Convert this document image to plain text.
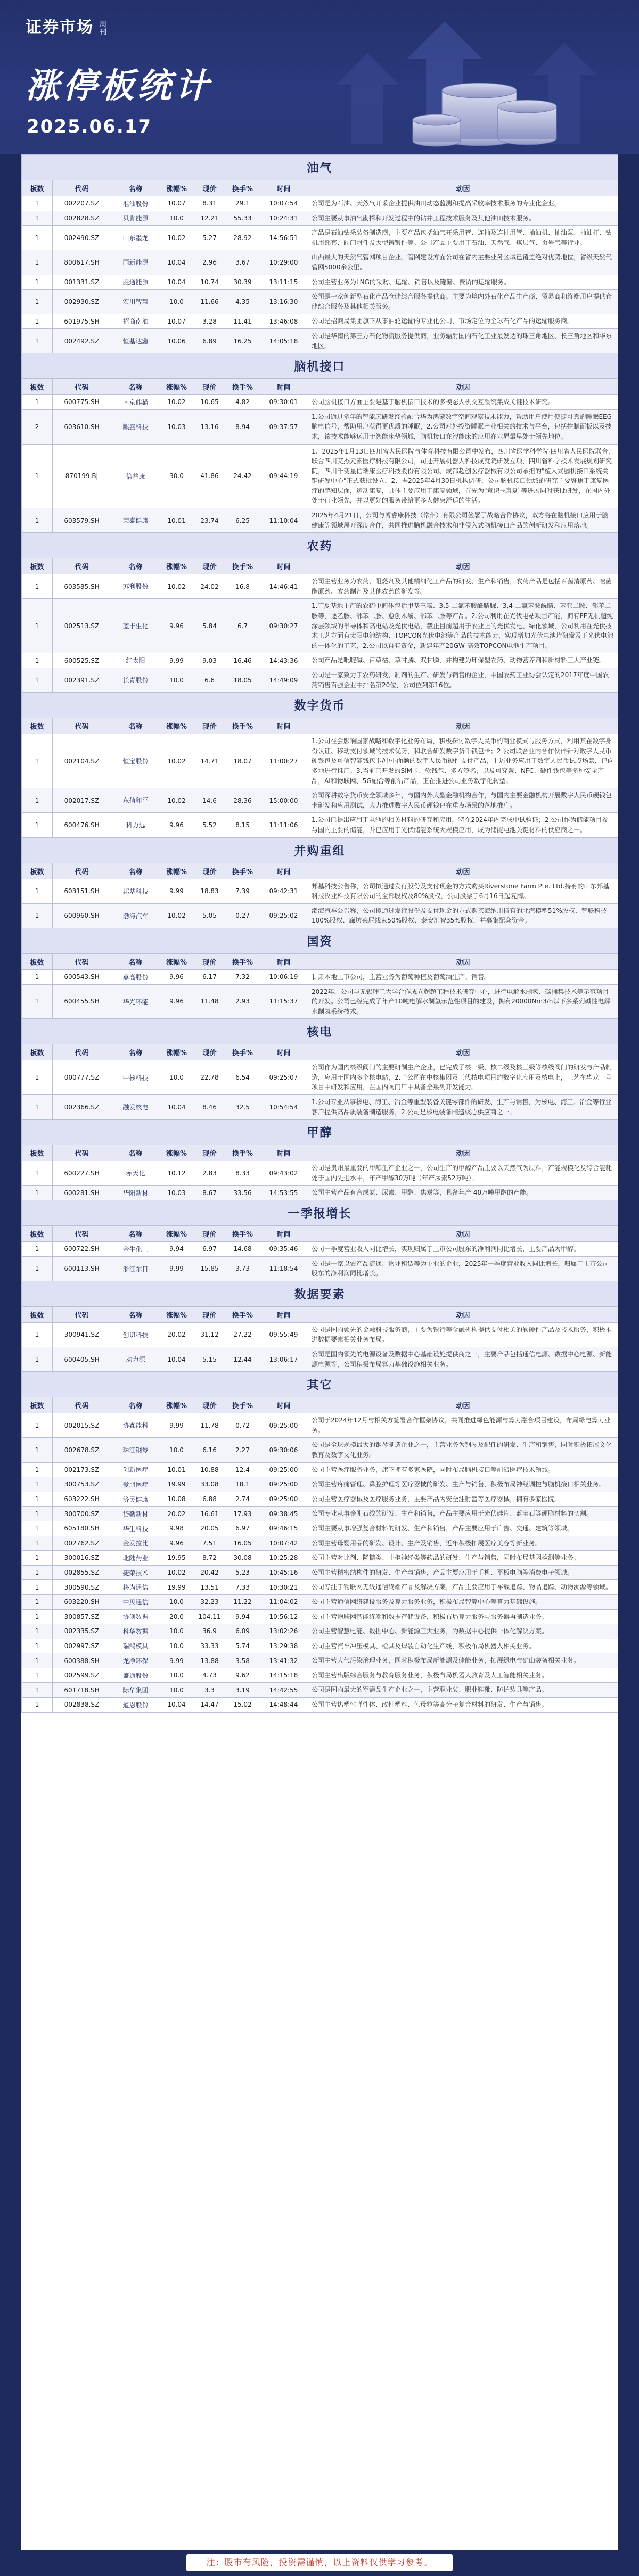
证券市场 周刊
涨停板统计
2025.06.17
油气							
板数	代码	名称	涨幅%	现价	换手%	时间	动因
1	002207.SZ	准油股份	10.07	8.31	29.1	10:07:54	公司是为石油、天然气开采企业提供油田动态监测和提高采收率技术服务的专业化企业。
1	002828.SZ	贝肯能源	10.0	12.21	55.33	10:24:31	公司主要从事油气勘探和开发过程中的钻井工程技术服务及其他油田技术服务。
1	002490.SZ	山东墨龙	10.02	5.27	28.92	14:56:51	产品是石油钻采装备制造商，主要产品包括油气开采用管、连抽及连抽用管、抽油机、抽油泵、抽油杆、钻机用部套、阀门附件及大型铸锻件等。公司产品主要用于石油、天然气、煤层气、页岩气等行业。
1	800617.SH	国新能源	10.04	2.96	3.67	10:29:00	山西最大的天然气管网项目企业。管网建设方面公司在省内主要业务区域已覆盖绝对优势地位，省级天然气管网5000余公里。
1	001331.SZ	胜通能源	10.04	10.74	30.39	13:11:15	公司主营业务为LNG的采购、运输、销售以及罐储、费贸的运输服务。
1	002930.SZ	宏川智慧	10.0	11.66	4.35	13:16:30	公司是一家创新型石化产品仓储综合服务提供商。主要为境内外石化产品生产商、贸易商和终端用户提供仓储综合服务及其他相关服务。
1	601975.SH	招商南油	10.07	3.28	11.41	13:46:08	公司是招商局集团旗下从事油轮运输的专业化公司，市场定位为全球石化产品的运输服务商。
1	002492.SZ	恒基达鑫	10.06	6.89	16.25	14:05:18	公司是华南的第三方石化物流服务提供商，业务辐射国内石化工业最发达的珠三角地区、长三角地区和华东地区。
脑机接口							
板数	代码	名称	涨幅%	现价	换手%	时间	动因
1	600775.SH	南京熊猫	10.02	10.65	4.82	09:30:01	公司脑机接口方面主要是基于脑机接口技术的多模态人机交互系统集成关键技术研究。
2	603610.SH	麒盛科技	10.03	13.16	8.94	09:37:57	1.公司通过多年的智能床研发经验融合华为鸿蒙数字空间观察技术能力，帮助用户使用便捷可靠的睡眠EEG脑电信号，帮助用户获得更优质的睡眠，2.公司对外投资睡眠产业相关的技术与平台，包括控制面板以及技术，该技术能够运用于智能床垫领域，脑机接口在智能床的应用在业界最早处于领先地位。
1	870199.BJ	倍益康	30.0	41.86	24.42	09:44:19	1、2025年1月13日四川省人民医院与体育科技有限公司中发布，四川省医学科学院·四川省人民医院联合，联合四川艾杰元素医疗科技有限公司，司还开展机器人科技成就院研发立项，四川省科学技术发展规划研究院，四川千变星信瑞康医疗科技股份有限公司、成都超创医疗器械有限公司承担的"植入式脑机接口系统关键研发中心"正式获批设立，2、据2025年4月30日机构调研，公司脑机接口领域的研究主要聚焦于康复医疗的感知层面，运动康复，具体主要应用于康复领域，首先为"意识→康复"等进展同时获批研发，在国内外处于行业领先，并以更好的服务带给更多人健康舒适的生活。
1	603579.SH	荣泰健康	10.01	23.74	6.25	11:10:04	2025年4月21日，公司与博睿康科技（常州）有限公司签署了战略合作协议，双方将在脑机接口应用于脑健康等领域展开深度合作，共同推进脑机融合技术和非侵入式脑机接口产品的创新研发和应用落地。
农药							
板数	代码	名称	涨幅%	现价	换手%	时间	动因
1	603585.SH	苏利股份	10.02	24.02	16.8	14:46:41	公司主营业务为农药、阻燃剂及其他精细化工产品的研发、生产和销售，农药产品是包括百菌清原药、嘧菌酯原药、农药制剂及其他农药的研发等。
1	002513.SZ	蓝丰生化	9.96	5.84	6.7	09:30:27	1.宁夏基地主产的农药中间体包括甲基三嗪、3,5-二氯苯胺酰腈脲、3,4-二氯苯胺酰腈、苯亚二胺、邻苯二胺等，逐乙胺、邻苯二胺、愈创木酚、邻苯二胺等产品。2.公司利用在光伏电站项目产能，拥有PE无机超纯涂层领域的半导体和高电站及光伏电站，截止目前超用于农业上的光伏发电、绿化领域，公司利用在光伏技术工艺方面有太阳电池结构、TOPCON光伏电池等产品的技术能力，实现增加光伏电池片研发及于光伏电池的一体化的工艺，2.公司以自有资金，新建年产20GW 高效TOPCON电池生产项目。
1	600525.SZ	红太阳	9.99	9.03	16.46	14:43:36	公司产品是吡啶碱、百草枯、草甘膦、双甘膦，并构建为环保型农药、动物营养剂和新材料三大产业链。
1	002391.SZ	长青股份	10.0	6.6	18.05	14:49:09	公司是一家致力于农药研发、制剂的生产、研发与销售的企业，中国农药工业协会认定的2017年度中国农药销售百强企业中排名第20位，公司位列第16位。
数字货币							
板数	代码	名称	涨幅%	现价	换手%	时间	动因
1	002104.SZ	恒宝股份	10.02	14.71	18.07	11:00:27	1.公司在会影响国家战略和数字化业务布局，积极探讨数字人民币的商业模式与服务方式，利用其在数字身份认证、移动支付领域的技术优势，和联合研发数字货币钱包卡；2.公司联合业内合作伙伴针对数字人民币硬钱包及可信智能钱包卡/中小面额的数字人民币硬件支付产品，上述业务应用于数字人民币试点场景，已向多地进行推广。3.当前已开发的SIM卡、软钱包、多方签名，以及可穿戴、NFC、硬件钱包等多种安全产品，AI和物联网、5G融合等前沿产品，正在推进公司业务数字化转型。
1	002017.SZ	东信和平	10.02	14.6	28.36	15:00:00	公司深耕数字货币安全领域多年，与国内外大型金融机构合作，与国内主要金融机构开展数字人民币硬钱包卡研发和应用测试，大力推进数字人民币硬钱包在重点场景的落地推广。
1	600476.SH	科力远	9.96	5.52	8.15	11:11:06	1.公司已提出应用于电池的相关材料的研究和应用，特在2024年内完成中试验证；2.公司作为储能项目参与国内主要的储能，并已应用于光伏储能系统大规模应用，成为储能电池关键材料的供应商之一。
并购重组							
板数	代码	名称	涨幅%	现价	换手%	时间	动因
1	603151.SH	邦基科技	9.99	18.83	7.39	09:42:31	邦基科技公告称，公司拟通过发行股份及支付现金的方式购买Riverstone Farm Pte. Ltd.持有的山东邦基科技牧业科技有限公司的全部股权及80%股权，公司股票于6月16日起复牌。
1	600960.SH	渤海汽车	10.02	5.05	0.27	09:25:02	渤海汽车公告称，公司拟通过发行股份及支付现金的方式购买海纳川持有的北汽模塑51%股权、智联科技100%股权、廊坊莱尼线束50%股权、泰安汇智35%股权，并募集配套资金。
国资							
板数	代码	名称	涨幅%	现价	换手%	时间	动因
1	600543.SH	莫高股份	9.96	6.17	7.32	10:06:19	甘肃本地上市公司，主营业务为葡萄种植及葡萄酒生产、销售。
1	600455.SH	华光环能	9.96	11.48	2.93	11:15:37	2022年，公司与无锡理工大学合作成立超超工程技术研究中心，进行电解水制氢、碳捕集技术等示范项目的开发。公司已经完成了年产10吨电解水制氢示范性项目的建设，拥有20000Nm3/h以下多系列碱性电解水制氢系统技术。
核电							
板数	代码	名称	涨幅%	现价	换手%	时间	动因
1	000777.SZ	中核科技	10.0	22.78	6.54	09:25:07	公司作为国内核级阀门的主要研制生产企业，已完成了核一级、核二级及核三级等核级阀门的研发与产品制造，应用于国内多个核电站，2.子公司在中核集团及三代核电项目的数字化应用及核电上，工艺在华龙一号项目中研发和应用，在国内阀门厂中具备全系列开发能力。
1	002366.SZ	融发核电	10.04	8.46	32.5	10:54:54	1.公司专业从事核电、海工、冶金等重型装备关键零部件的研发、生产与销售，为核电、海工、冶金等行业客户提供高品质装备制造服务，2.公司是核电装备制造核心供应商之一。
甲醇							
板数	代码	名称	涨幅%	现价	换手%	时间	动因
1	600227.SH	赤天化	10.12	2.83	8.33	09:43:02	公司是贵州最重要的甲醇生产企业之一，公司生产的甲醇产品主要以天然气为原料，产能规模化及综合能耗处于国内先进水平，年产甲醇30万吨（年产尿素52万吨）。
1	600281.SH	华阳新材	10.03	8.67	33.56	14:53:55	公司主营产品有合成氨、尿素、甲醇、焦炭等，具备年产 40万吨甲醇的产能。
一季报增长							
板数	代码	名称	涨幅%	现价	换手%	时间	动因
1	600722.SH	金牛化工	9.94	6.97	14.68	09:35:46	公司一季度营业收入同比增长，实现归属于上市公司股东的净利润同比增长，主要产品为甲醇。
1	600113.SH	浙江东日	9.99	15.85	3.73	11:18:54	公司是一家以农产品流通、物业租赁等为主业的企业，2025年一季度营业收入同比增长，归属于上市公司股东的净利润同比增长。
数据要素							
板数	代码	名称	涨幅%	现价	换手%	时间	动因
1	300941.SZ	创识科技	20.02	31.12	27.22	09:55:49	公司是国内领先的金融科技服务商，主要为银行等金融机构提供支付相关的软硬件产品及技术服务，积极推进数据要素相关业务布局。
1	600405.SH	动力源	10.04	5.15	12.44	13:06:17	公司是国内领先的电源设备及数据中心基础设施提供商之一，主要产品包括通信电源、数据中心电源、新能源电源等，公司积极布局算力基础设施相关业务。
其它							
板数	代码	名称	涨幅%	现价	换手%	时间	动因
1	002015.SZ	协鑫能科	9.99	11.78	0.72	09:25:00	公司于2024年12月与相关方签署合作框架协议，共同推进绿色能源与算力融合项目建设，布局绿电算力业务。
1	002678.SZ	珠江钢琴	10.0	6.16	2.27	09:30:06	公司是全球规模最大的钢琴制造企业之一，主营业务为钢琴及配件的研发、生产和销售，同时积极拓展文化教育及数字文化业务。
1	002173.SZ	创新医疗	10.01	10.88	12.4	09:25:00	公司主营医疗服务业务，旗下拥有多家医院，同时布局脑机接口等前沿医疗技术领域。
1	300753.SZ	爱朋医疗	19.99	33.08	18.1	09:25:00	公司主营疼痛管理、鼻腔护理等医疗器械的研发、生产与销售，积极布局神经调控与脑机接口相关业务。
1	603222.SH	济民健康	10.08	6.88	2.74	09:25:00	公司主营医疗器械及医疗服务业务，主要产品为安全注射器等医疗器械，拥有多家医院。
1	300700.SZ	岱勒新材	20.02	16.61	17.93	09:38:45	公司专业从事金刚石线的研发、生产和销售，产品主要应用于光伏硅片、蓝宝石等硬脆材料的切割。
1	605180.SH	华生科技	9.98	20.05	6.97	09:46:15	公司主要从事增强复合材料的研发、生产和销售，产品主要应用于广告、交通、建筑等领域。
1	002762.SZ	金发拉比	9.96	7.51	16.05	10:07:42	公司主营母婴用品的研发、设计、生产及销售，近年积极拓展医疗美容等新业务。
1	300016.SZ	北陆药业	19.95	8.72	30.08	10:25:28	公司主营对比剂、降糖类、中枢神经类等药品的研发、生产与销售，同时布局基因检测等业务。
1	002855.SZ	捷荣技术	10.02	20.42	5.23	10:45:16	公司主营精密结构件的研发、生产与销售，产品主要应用于手机、平板电脑等消费电子领域。
1	300590.SZ	移为通信	19.99	13.51	7.33	10:30:21	公司专注于物联网无线通信终端产品及解决方案，产品主要应用于车载追踪、物品追踪、动物溯源等领域。
1	603220.SH	中贝通信	10.0	32.23	11.22	11:04:02	公司主营通信网络建设服务及算力服务业务，积极布局智算中心等算力基础设施。
1	300857.SZ	协创数据	20.0	104.11	9.94	10:56:12	公司主营物联网智能终端和数据存储设备，积极布局算力服务与服务器再制造业务。
1	002335.SZ	科华数据	10.0	36.9	6.09	13:02:26	公司主营智慧电能、数据中心、新能源三大业务，为数据中心提供一体化解决方案。
1	002997.SZ	瑞鹄模具	10.0	33.33	5.74	13:29:38	公司主营汽车冲压模具、检具及焊装自动化生产线，积极布局机器人相关业务。
1	600388.SH	龙净环保	9.99	13.88	3.58	13:41:32	公司主营大气污染治理业务，同时积极布局新能源及储能业务，拓展绿电与矿山装备相关业务。
1	002599.SZ	盛通股份	10.0	4.73	9.62	14:15:18	公司主营出版综合服务与教育服务业务，积极布局机器人教育及人工智能相关业务。
1	601718.SH	际华集团	10.0	3.3	3.19	14:42:55	公司是国内最大的军需品生产企业之一，主营职业装、职业鞋靴、防护装具等产品。
1	002838.SZ	道恩股份	10.04	14.47	15.02	14:48:44	公司主营热塑性弹性体、改性塑料、色母粒等高分子复合材料的研发、生产与销售。
注：股市有风险，投资需谨慎，以上资料仅供学习参考。
